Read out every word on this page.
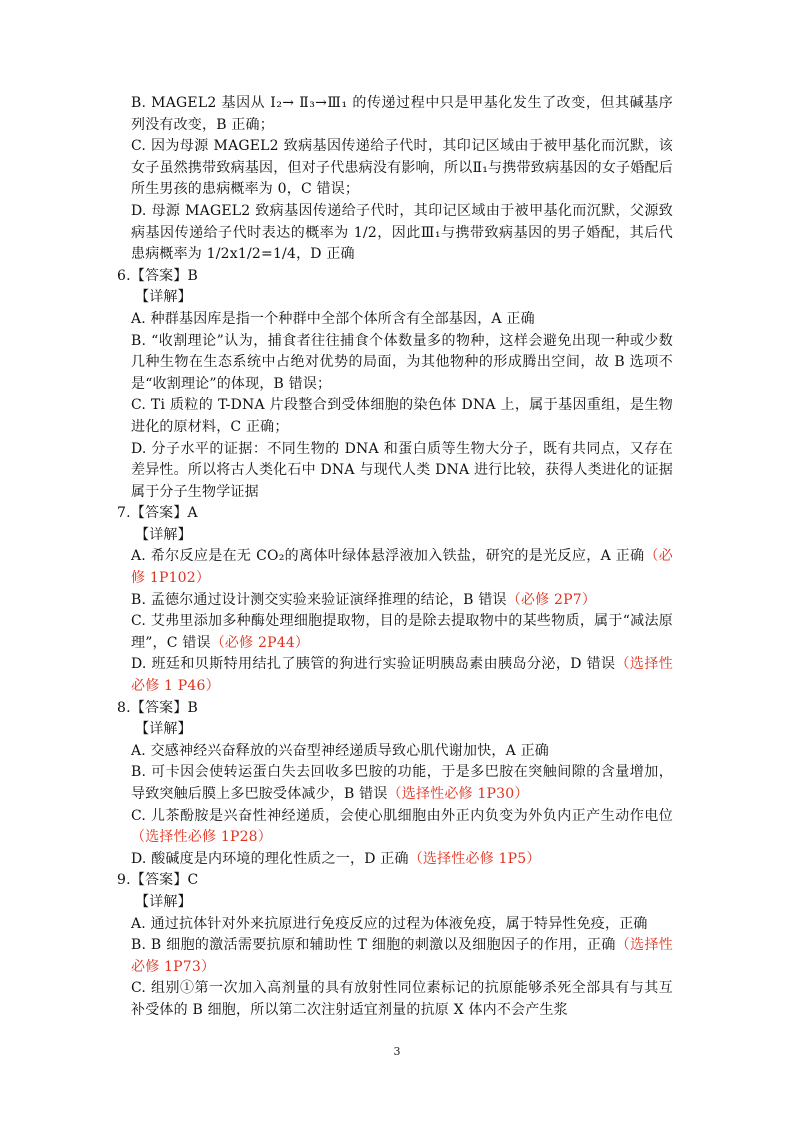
B. MAGEL2 基因从 Ⅰ₂→ Ⅱ₃→Ⅲ₁ 的传递过程中只是甲基化发生了改变，但其碱基序列没有改变，B 正确；

C. 因为母源 MAGEL2 致病基因传递给子代时，其印记区域由于被甲基化而沉默，该女子虽然携带致病基因，但对子代患病没有影响，所以Ⅱ₁与携带致病基因的女子婚配后所生男孩的患病概率为 0，C 错误；

D. 母源 MAGEL2 致病基因传递给子代时，其印记区域由于被甲基化而沉默，父源致病基因传递给子代时表达的概率为 1/2，因此Ⅲ₁与携带致病基因的男子婚配，其后代患病概率为 1/2x1/2=1/4，D 正确

6.【答案】B

【详解】

A. 种群基因库是指一个种群中全部个体所含有全部基因，A 正确

B. “收割理论”认为，捕食者往往捕食个体数量多的物种，这样会避免出现一种或少数几种生物在生态系统中占绝对优势的局面，为其他物种的形成腾出空间，故 B 选项不是“收割理论”的体现，B 错误；

C. Ti 质粒的 T-DNA 片段整合到受体细胞的染色体 DNA 上，属于基因重组，是生物进化的原材料，C 正确；

D. 分子水平的证据：不同生物的 DNA 和蛋白质等生物大分子，既有共同点，又存在差异性。所以将古人类化石中 DNA 与现代人类 DNA 进行比较，获得人类进化的证据属于分子生物学证据

7.【答案】A

【详解】

A. 希尔反应是在无 CO₂的离体叶绿体悬浮液加入铁盐，研究的是光反应，A 正确（必修 1P102）

B. 孟德尔通过设计测交实验来验证演绎推理的结论，B 错误（必修 2P7）

C. 艾弗里添加多种酶处理细胞提取物，目的是除去提取物中的某些物质，属于“减法原理”，C 错误（必修 2P44）

D. 班廷和贝斯特用结扎了胰管的狗进行实验证明胰岛素由胰岛分泌，D 错误（选择性必修 1 P46）

8.【答案】B

【详解】

A. 交感神经兴奋释放的兴奋型神经递质导致心肌代谢加快，A 正确

B. 可卡因会使转运蛋白失去回收多巴胺的功能，于是多巴胺在突触间隙的含量增加，导致突触后膜上多巴胺受体减少，B 错误（选择性必修 1P30）

C. 儿茶酚胺是兴奋性神经递质，会使心肌细胞由外正内负变为外负内正产生动作电位（选择性必修 1P28）

D. 酸碱度是内环境的理化性质之一，D 正确（选择性必修 1P5）

9.【答案】C

【详解】

A. 通过抗体针对外来抗原进行免疫反应的过程为体液免疫，属于特异性免疫，正确

B. B 细胞的激活需要抗原和辅助性 T 细胞的刺激以及细胞因子的作用，正确（选择性必修 1P73）

C. 组别①第一次加入高剂量的具有放射性同位素标记的抗原能够杀死全部具有与其互补受体的 B 细胞，所以第二次注射适宜剂量的抗原 X 体内不会产生浆

3
